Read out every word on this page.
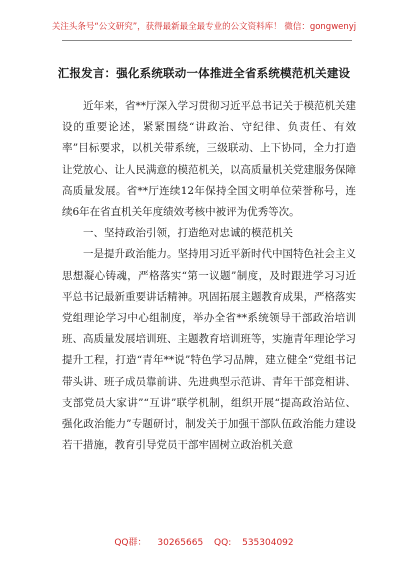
关注头条号“公文研究”，获得最新最全最专业的公文资料库！ 微信：gongwenyj
汇报发言：强化系统联动一体推进全省系统模范机关建设

近年来，省**厅深入学习贯彻习近平总书记关于模范机关建设的重要论述，紧紧围绕“讲政治、守纪律、负责任、有效率”目标要求，以机关带系统，三级联动、上下协同，全力打造让党放心、让人民满意的模范机关，以高质量机关党建服务保障高质量发展。省**厅连续12年保持全国文明单位荣誉称号，连续6年在省直机关年度绩效考核中被评为优秀等次。

一、坚持政治引领，打造绝对忠诚的模范机关

一是提升政治能力。坚持用习近平新时代中国特色社会主义思想凝心铸魂，严格落实“第一议题”制度，及时跟进学习习近平总书记最新重要讲话精神。巩固拓展主题教育成果，严格落实党组理论学习中心组制度，举办全省**系统领导干部政治培训班、高质量发展培训班、主题教育培训班等，实施青年理论学习提升工程，打造“青年**说”特色学习品牌，建立健全“党组书记带头讲、班子成员靠前讲、先进典型示范讲、青年干部竞相讲、支部党员大家讲”“互讲”联学机制，组织开展“提高政治站位、强化政治能力”专题研讨，制发关于加强干部队伍政治能力建设若干措施，教育引导党员干部牢固树立政治机关意

QQ群： 30265665 QQ: 535304092
